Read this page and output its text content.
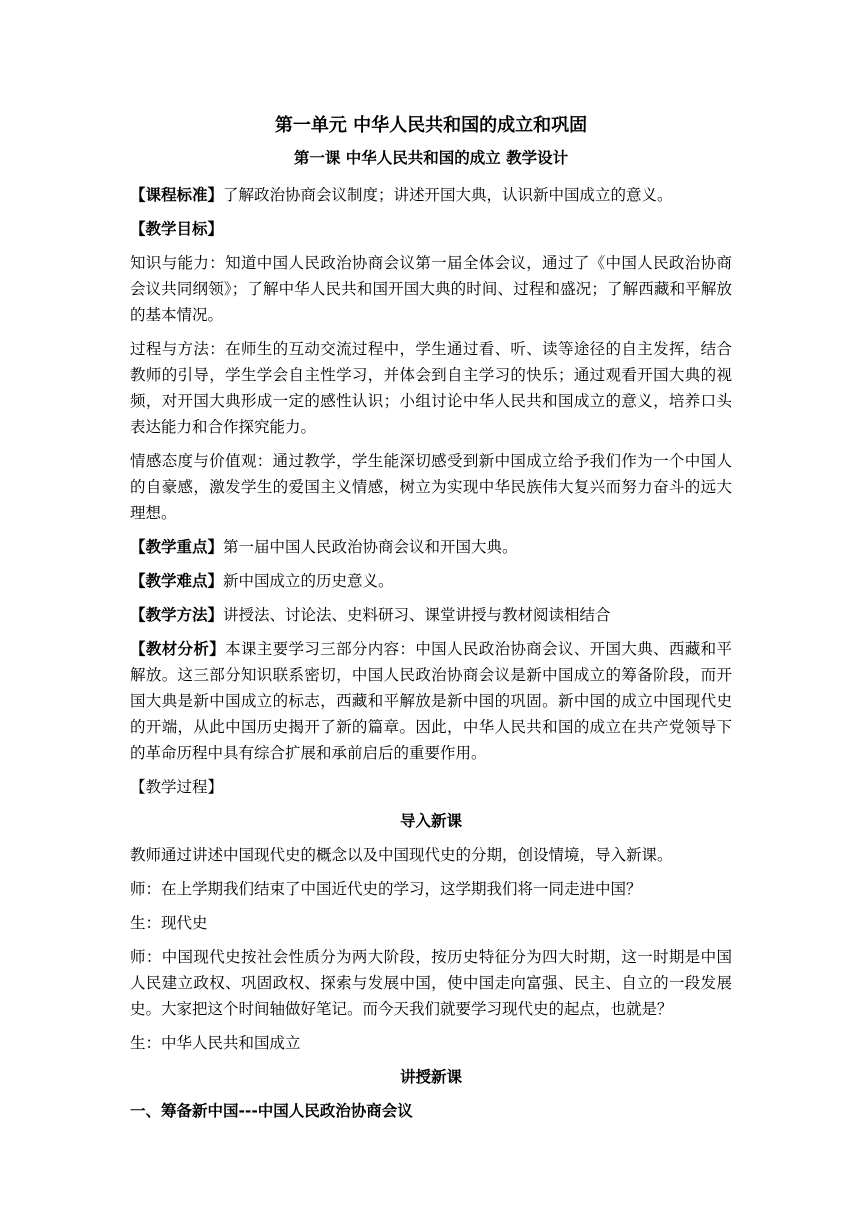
第一单元 中华人民共和国的成立和巩固
第一课 中华人民共和国的成立 教学设计

【课程标准】了解政治协商会议制度；讲述开国大典，认识新中国成立的意义。

【教学目标】

知识与能力：知道中国人民政治协商会议第一届全体会议，通过了《中国人民政治协商会议共同纲领》；了解中华人民共和国开国大典的时间、过程和盛况；了解西藏和平解放的基本情况。

过程与方法：在师生的互动交流过程中，学生通过看、听、读等途径的自主发挥，结合教师的引导，学生学会自主性学习，并体会到自主学习的快乐；通过观看开国大典的视频，对开国大典形成一定的感性认识；小组讨论中华人民共和国成立的意义，培养口头表达能力和合作探究能力。

情感态度与价值观：通过教学，学生能深切感受到新中国成立给予我们作为一个中国人的自豪感，激发学生的爱国主义情感，树立为实现中华民族伟大复兴而努力奋斗的远大理想。

【教学重点】第一届中国人民政治协商会议和开国大典。

【教学难点】新中国成立的历史意义。

【教学方法】讲授法、讨论法、史料研习、课堂讲授与教材阅读相结合

【教材分析】本课主要学习三部分内容：中国人民政治协商会议、开国大典、西藏和平解放。这三部分知识联系密切，中国人民政治协商会议是新中国成立的筹备阶段，而开国大典是新中国成立的标志，西藏和平解放是新中国的巩固。新中国的成立中国现代史的开端，从此中国历史揭开了新的篇章。因此，中华人民共和国的成立在共产党领导下的革命历程中具有综合扩展和承前启后的重要作用。

【教学过程】

导入新课

教师通过讲述中国现代史的概念以及中国现代史的分期，创设情境，导入新课。

师：在上学期我们结束了中国近代史的学习，这学期我们将一同走进中国？

生：现代史

师：中国现代史按社会性质分为两大阶段，按历史特征分为四大时期，这一时期是中国人民建立政权、巩固政权、探索与发展中国，使中国走向富强、民主、自立的一段发展史。大家把这个时间轴做好笔记。而今天我们就要学习现代史的起点，也就是？

生：中华人民共和国成立

讲授新课
一、筹备新中国---中国人民政治协商会议
